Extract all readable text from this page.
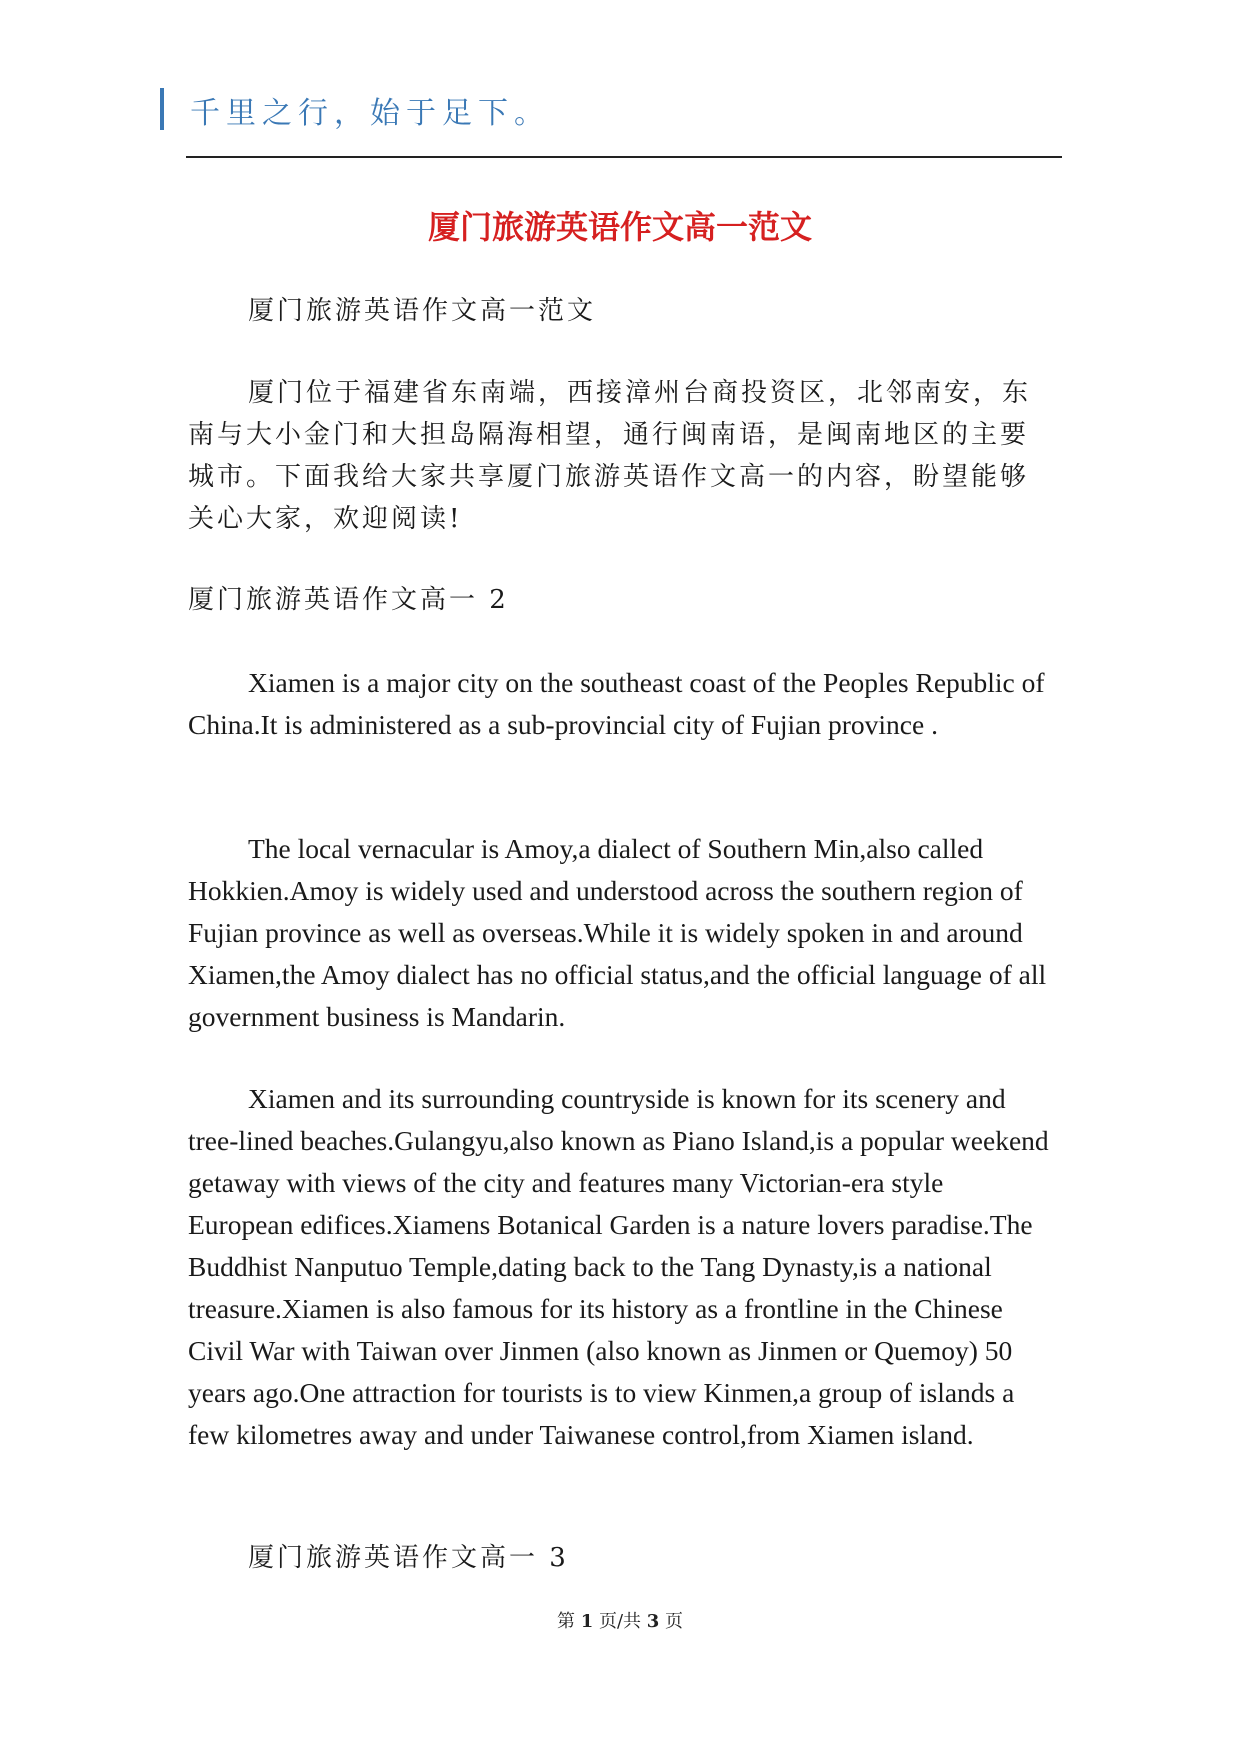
千里之行，始于足下。
厦门旅游英语作文高一范文

厦门旅游英语作文高一范文

厦门位于福建省东南端，西接漳州台商投资区，北邻南安，东南与大小金门和大担岛隔海相望，通行闽南语，是闽南地区的主要城市。下面我给大家共享厦门旅游英语作文高一的内容，盼望能够关心大家，欢迎阅读!

厦门旅游英语作文高一 2

Xiamen is a major city on the southeast coast of the Peoples Republic of China.It is administered as a sub-provincial city of Fujian province .

The local vernacular is Amoy,a dialect of Southern Min,also called Hokkien.Amoy is widely used and understood across the southern region of Fujian province as well as overseas.While it is widely spoken in and around Xiamen,the Amoy dialect has no official status,and the official language of all government business is Mandarin.

Xiamen and its surrounding countryside is known for its scenery and tree-lined beaches.Gulangyu,also known as Piano Island,is a popular weekend getaway with views of the city and features many Victorian-era style European edifices.Xiamens Botanical Garden is a nature lovers paradise.The Buddhist Nanputuo Temple,dating back to the Tang Dynasty,is a national treasure.Xiamen is also famous for its history as a frontline in the Chinese Civil War with Taiwan over Jinmen (also known as Jinmen or Quemoy) 50 years ago.One attraction for tourists is to view Kinmen,a group of islands a few kilometres away and under Taiwanese control,from Xiamen island.

厦门旅游英语作文高一 3

第 1 页/共 3 页
